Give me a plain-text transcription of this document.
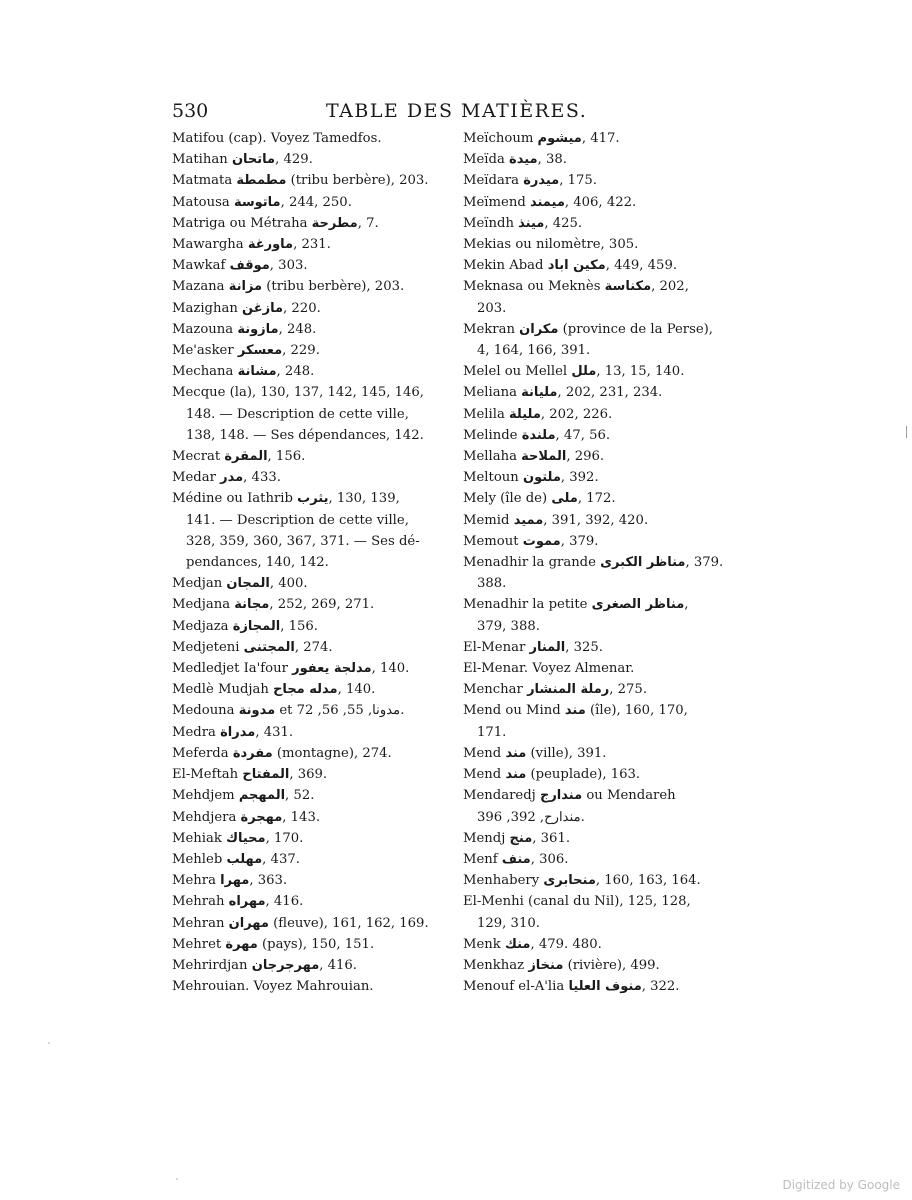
530	TABLE DES MATIÈRES.
Matifou (cap). Voyez Tamedfos.
Matihan ماتحان, 429.
Matmata مطمطة (tribu berbère), 203.
Matousa ماتوسة, 244, 250.
Matriga ou Métraha مطرحة, 7.
Mawargha ماورغة, 231.
Mawkaf موقف, 303.
Mazana مزانة (tribu berbère), 203.
Mazighan مازغن, 220.
Mazouna مازونة, 248.
Me'asker معسكر, 229.
Mechana مشانة, 248.
Mecque (la), 130, 137, 142, 145, 146,
148. — Description de cette ville,
138, 148. — Ses dépendances, 142.
Mecrat المقرة, 156.
Medar مدر, 433.
Médine ou Iathrib يثرب, 130, 139,
141. — Description de cette ville,
328, 359, 360, 367, 371. — Ses dé-
pendances, 140, 142.
Medjan المجان, 400.
Medjana مجانة, 252, 269, 271.
Medjaza المجازة, 156.
Medjeteni المجتنى, 274.
Medledjet Ia'four مدلجة يعفور, 140.
Medlè Mudjah مدله مجاح, 140.
Medouna مدونة et مدونا, 55, 56, 72.
Medra مدراة, 431.
Meferda مفردة (montagne), 274.
El-Meftah المفتاح, 369.
Mehdjem المهجم, 52.
Mehdjera مهجرة, 143.
Mehiak محياك, 170.
Mehleb مهلب, 437.
Mehra مهرا, 363.
Mehrah مهراه, 416.
Mehran مهران (fleuve), 161, 162, 169.
Mehret مهرة (pays), 150, 151.
Mehrirdjan مهرجرجان, 416.
Mehrouian. Voyez Mahrouian.
Meïchoum ميشوم, 417.
Meïda ميدة, 38.
Meïdara ميدرة, 175.
Meïmend ميمند, 406, 422.
Meïndh مينذ, 425.
Mekias ou nilomètre, 305.
Mekin Abad مكين اباد, 449, 459.
Meknasa ou Meknès مكناسة, 202,
203.
Mekran مكران (province de la Perse),
4, 164, 166, 391.
Melel ou Mellel ملل, 13, 15, 140.
Meliana مليانة, 202, 231, 234.
Melila مليلة, 202, 226.
Melinde ملندة, 47, 56.
Mellaha الملاحة, 296.
Meltoun ملتون, 392.
Mely (île de) ملى, 172.
Memid مميد, 391, 392, 420.
Memout مموت, 379.
Menadhir la grande مناظر الكبرى, 379.
388.
Menadhir la petite مناظر الصغرى,
379, 388.
El-Menar المنار, 325.
El-Menar. Voyez Almenar.
Menchar رملة المنشار, 275.
Mend ou Mind مند (île), 160, 170,
171.
Mend مند (ville), 391.
Mend مند (peuplade), 163.
Mendaredj مندارج ou Mendareh
مندارح, 392, 396.
Mendj منج, 361.
Menf منف, 306.
Menhabery منحابرى, 160, 163, 164.
El-Menhi (canal du Nil), 125, 128,
129, 310.
Menk منك, 479. 480.
Menkhaz منخاز (rivière), 499.
Menouf el-A'lia منوف العليا, 322.
Digitized by Google
